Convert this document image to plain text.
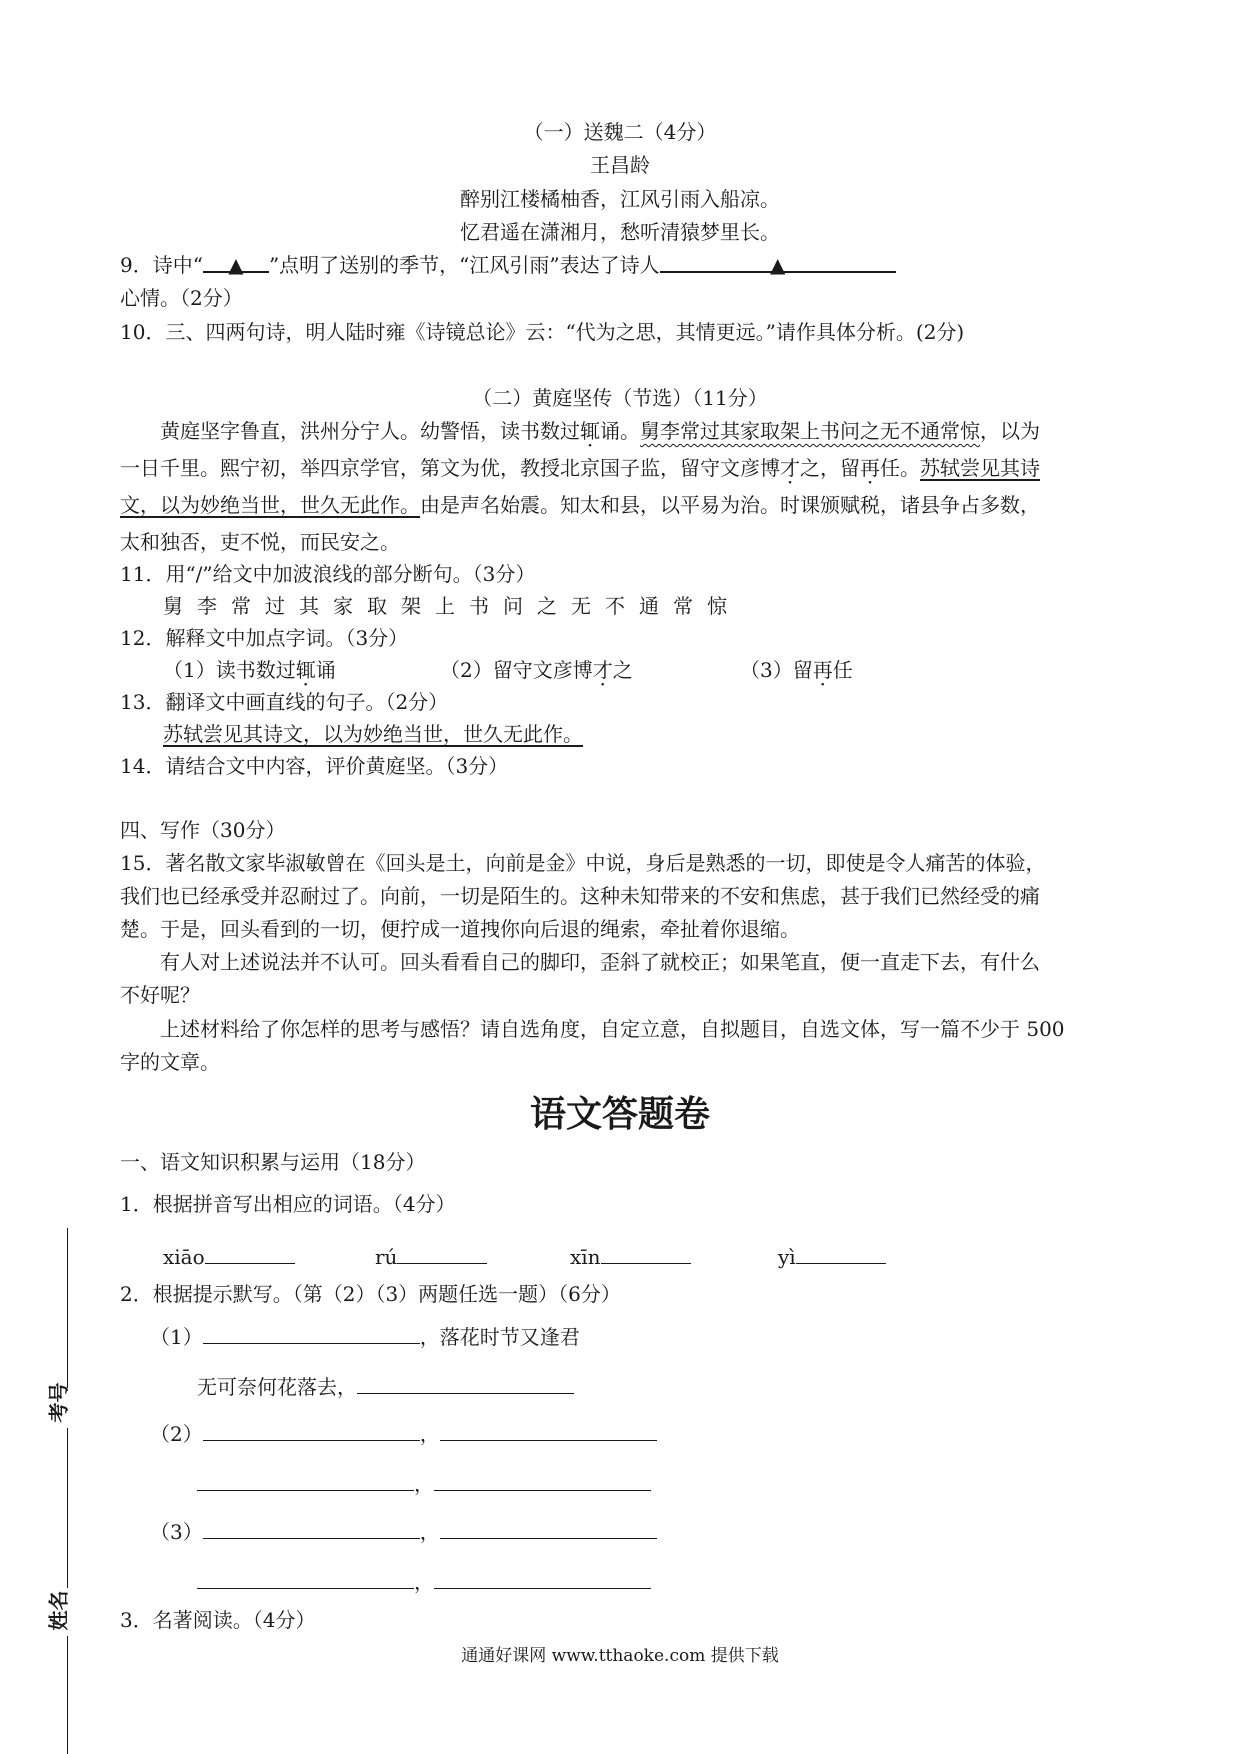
（一）送魏二（4分）
王昌龄
醉别江楼橘柚香，江风引雨入船凉。
忆君遥在潇湘月，愁听清猿梦里长。
9．诗中“ ▲ ”点明了送别的季节，“江风引雨”表达了诗人	▲
心情。（2分）
10．三、四两句诗，明人陆时雍《诗镜总论》云：“代为之思，其情更远。”请作具体分析。(2分)
（二）黄庭坚传（节选）（11分）
黄庭坚字鲁直，洪州分宁人。幼警悟，读书数过辄诵。舅李常过其家取架上书问之无不通常惊，以为
一日千里。熙宁初，举四京学官，第文为优，教授北京国子监，留守文彦博才之，留再任。苏轼尝见其诗
文，以为妙绝当世，世久无此作。由是声名始震。知太和县，以平易为治。时课颁赋税，诸县争占多数，
太和独否，吏不悦，而民安之。
11．用“/”给文中加波浪线的部分断句。（3分）
舅李常过其家取架上书问之无不通常惊
12．解释文中加点字词。（3分）
（1）读书数过辄诵	（2）留守文彦博才之	（3）留再任
13．翻译文中画直线的句子。（2分）
苏轼尝见其诗文，以为妙绝当世，世久无此作。
14．请结合文中内容，评价黄庭坚。（3分）
四、写作（30分）
15．著名散文家毕淑敏曾在《回头是土，向前是金》中说，身后是熟悉的一切，即使是令人痛苦的体验，
我们也已经承受并忍耐过了。向前，一切是陌生的。这种未知带来的不安和焦虑，甚于我们已然经受的痛
楚。于是，回头看到的一切，便拧成一道拽你向后退的绳索，牵扯着你退缩。
有人对上述说法并不认可。回头看看自己的脚印，歪斜了就校正；如果笔直，便一直走下去，有什么
不好呢？
上述材料给了你怎样的思考与感悟？请自选角度，自定立意，自拟题目，自选文体，写一篇不少于 500
字的文章。
语文答题卷
一、语文知识积累与运用（18分）
1．根据拼音写出相应的词语。（4分）
xiāo	rú	xīn	yì
2．根据提示默写。（第（2）（3）两题任选一题）（6分）
（1）	，落花时节又逢君
无可奈何花落去，
（2）	，
，
（3）	，
，
3．名著阅读。（4分）
考号
姓名
通通好课网 www.tthaoke.com 提供下载
